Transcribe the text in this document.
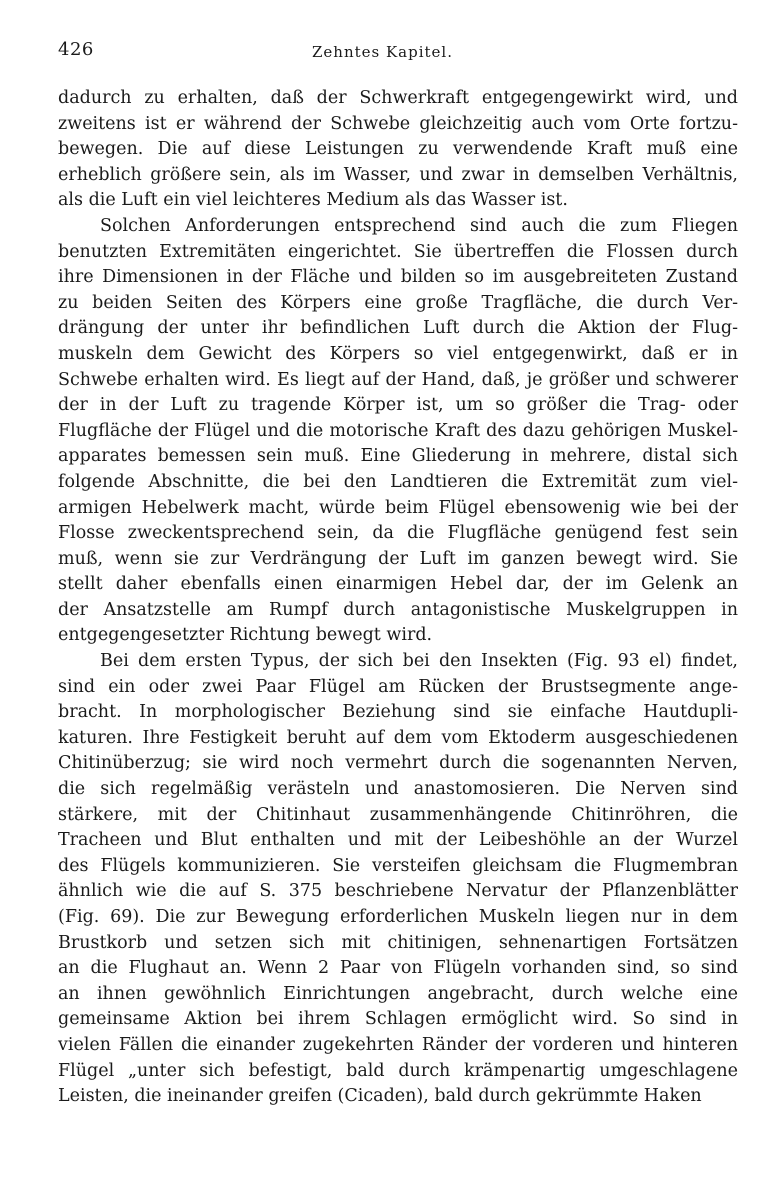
426	Zehntes Kapitel.
dadurch zu erhalten, daß der Schwerkraft entgegengewirkt wird, und
zweitens ist er während der Schwebe gleichzeitig auch vom Orte fortzu-
bewegen. Die auf diese Leistungen zu verwendende Kraft muß eine
erheblich größere sein, als im Wasser, und zwar in demselben Verhältnis,
als die Luft ein viel leichteres Medium als das Wasser ist.
Solchen Anforderungen entsprechend sind auch die zum Fliegen
benutzten Extremitäten eingerichtet. Sie übertreffen die Flossen durch
ihre Dimensionen in der Fläche und bilden so im ausgebreiteten Zustand
zu beiden Seiten des Körpers eine große Tragfläche, die durch Ver-
drängung der unter ihr befindlichen Luft durch die Aktion der Flug-
muskeln dem Gewicht des Körpers so viel entgegenwirkt, daß er in
Schwebe erhalten wird. Es liegt auf der Hand, daß, je größer und schwerer
der in der Luft zu tragende Körper ist, um so größer die Trag- oder
Flugfläche der Flügel und die motorische Kraft des dazu gehörigen Muskel-
apparates bemessen sein muß. Eine Gliederung in mehrere, distal sich
folgende Abschnitte, die bei den Landtieren die Extremität zum viel-
armigen Hebelwerk macht, würde beim Flügel ebensowenig wie bei der
Flosse zweckentsprechend sein, da die Flugfläche genügend fest sein
muß, wenn sie zur Verdrängung der Luft im ganzen bewegt wird. Sie
stellt daher ebenfalls einen einarmigen Hebel dar, der im Gelenk an
der Ansatzstelle am Rumpf durch antagonistische Muskelgruppen in
entgegengesetzter Richtung bewegt wird.
Bei dem ersten Typus, der sich bei den Insekten (Fig. 93 el) findet,
sind ein oder zwei Paar Flügel am Rücken der Brustsegmente ange-
bracht. In morphologischer Beziehung sind sie einfache Hautdupli-
katuren. Ihre Festigkeit beruht auf dem vom Ektoderm ausgeschiedenen
Chitinüberzug; sie wird noch vermehrt durch die sogenannten Nerven,
die sich regelmäßig verästeln und anastomosieren. Die Nerven sind
stärkere, mit der Chitinhaut zusammenhängende Chitinröhren, die
Tracheen und Blut enthalten und mit der Leibeshöhle an der Wurzel
des Flügels kommunizieren. Sie versteifen gleichsam die Flugmembran
ähnlich wie die auf S. 375 beschriebene Nervatur der Pflanzenblätter
(Fig. 69). Die zur Bewegung erforderlichen Muskeln liegen nur in dem
Brustkorb und setzen sich mit chitinigen, sehnenartigen Fortsätzen
an die Flughaut an. Wenn 2 Paar von Flügeln vorhanden sind, so sind
an ihnen gewöhnlich Einrichtungen angebracht, durch welche eine
gemeinsame Aktion bei ihrem Schlagen ermöglicht wird. So sind in
vielen Fällen die einander zugekehrten Ränder der vorderen und hinteren
Flügel „unter sich befestigt, bald durch krämpenartig umgeschlagene
Leisten, die ineinander greifen (Cicaden), bald durch gekrümmte Haken
